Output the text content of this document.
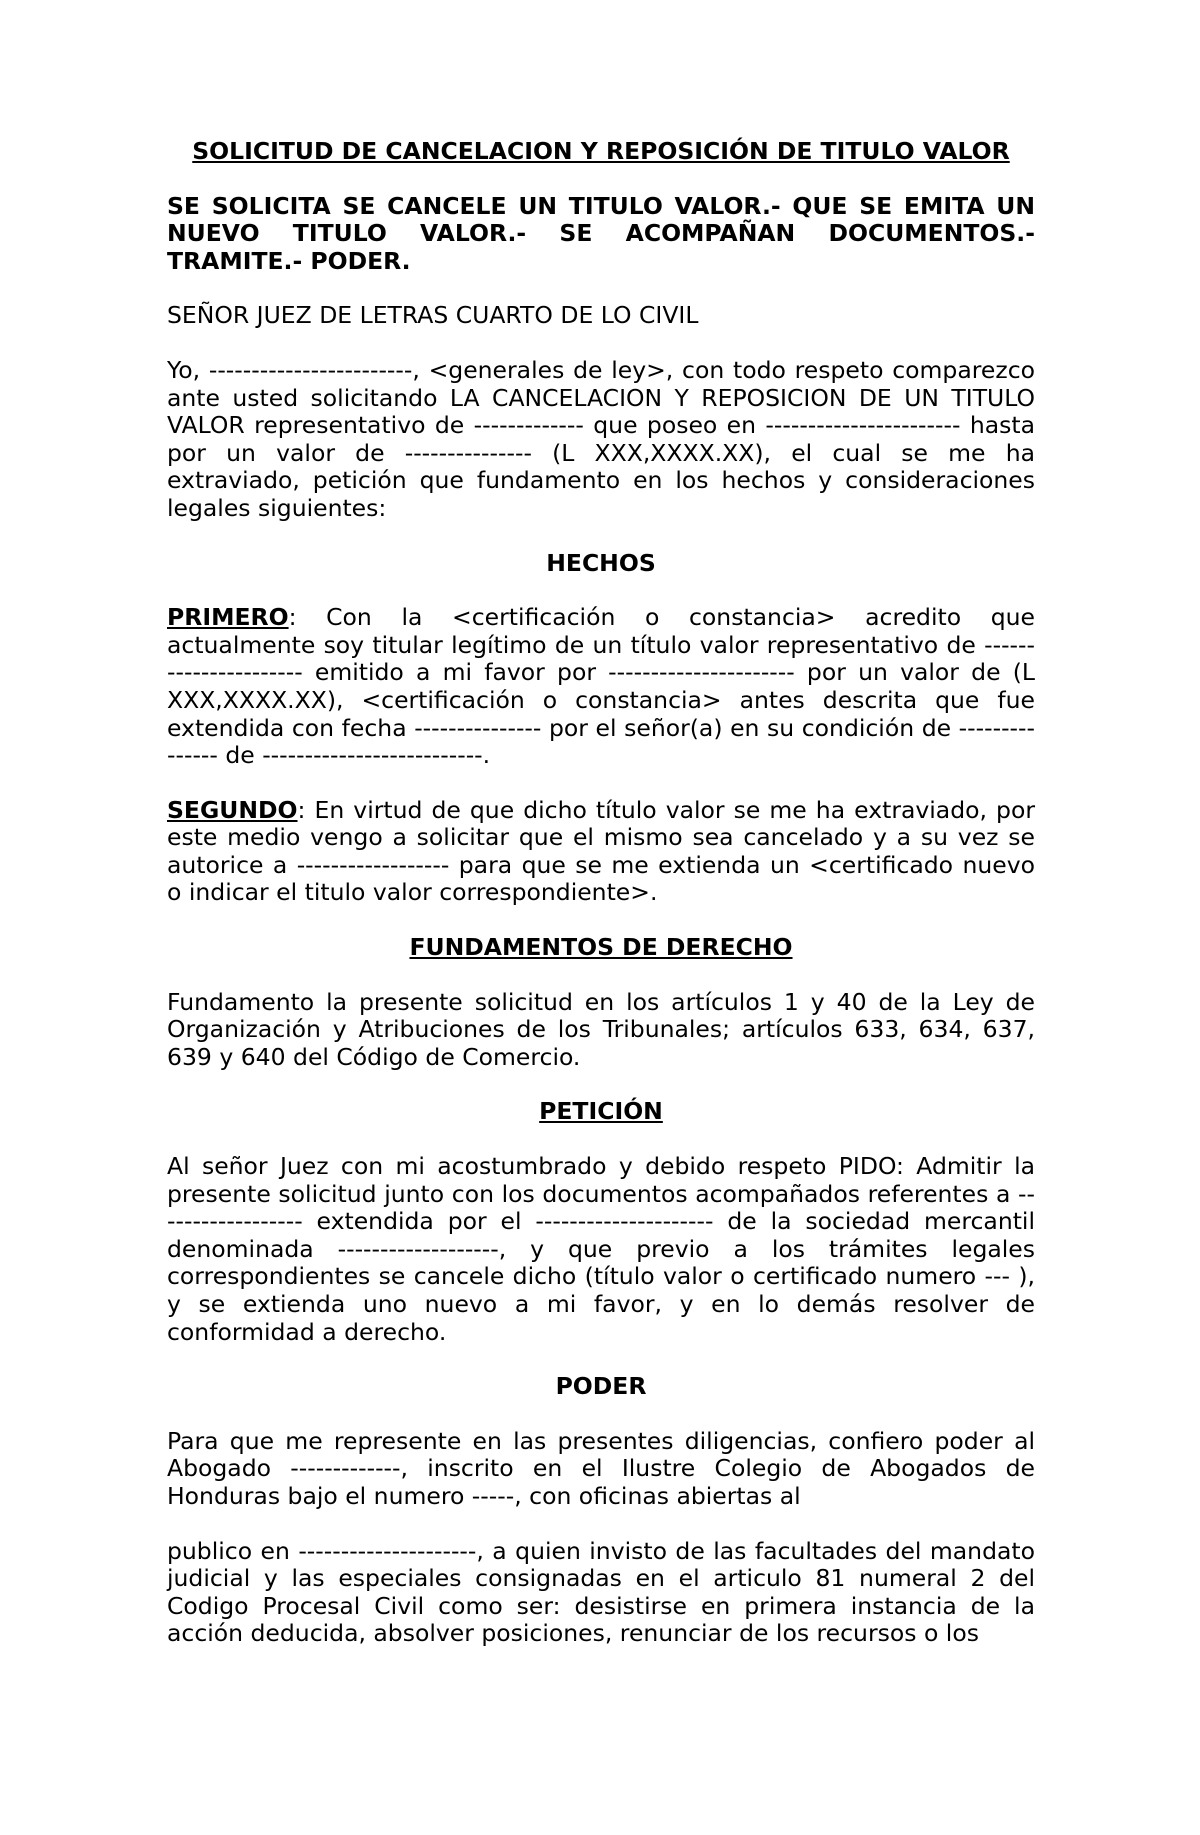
SOLICITUD DE CANCELACION Y REPOSICIÓN DE TITULO VALOR

SE SOLICITA SE CANCELE UN TITULO VALOR.- QUE SE EMITA UN NUEVO TITULO VALOR.- SE ACOMPAÑAN DOCUMENTOS.- TRAMITE.- PODER.

SEÑOR JUEZ DE LETRAS CUARTO DE LO CIVIL

Yo, ------------------------, <generales de ley>, con todo respeto comparezco ante usted solicitando LA CANCELACION Y REPOSICION DE UN TITULO VALOR representativo de ------------- que poseo en ----------------------- hasta por un valor de --------------- (L XXX,XXXX.XX), el cual se me ha extraviado, petición que fundamento en los hechos y consideraciones legales siguientes:

HECHOS

PRIMERO: Con la <certificación o constancia> acredito que actualmente soy titular legítimo de un título valor representativo de ---------------------- emitido a mi favor por ---------------------- por un valor de (L XXX,XXXX.XX), <certificación o constancia> antes descrita que fue extendida con fecha --------------- por el señor(a) en su condición de --------------- de --------------------------.

SEGUNDO: En virtud de que dicho título valor se me ha extraviado, por este medio vengo a solicitar que el mismo sea cancelado y a su vez se autorice a ------------------ para que se me extienda un <certificado nuevo o indicar el titulo valor correspondiente>.

FUNDAMENTOS DE DERECHO

Fundamento la presente solicitud en los artículos 1 y 40 de la Ley de Organización y Atribuciones de los Tribunales; artículos 633, 634, 637, 639 y 640 del Código de Comercio.

PETICIÓN

Al señor Juez con mi acostumbrado y debido respeto PIDO: Admitir la presente solicitud junto con los documentos acompañados referentes a ------------------ extendida por el --------------------- de la sociedad mercantil denominada -------------------, y que previo a los trámites legales correspondientes se cancele dicho (título valor o certificado numero --- ), y se extienda uno nuevo a mi favor, y en lo demás resolver de conformidad a derecho.

PODER

Para que me represente en las presentes diligencias, confiero poder al Abogado -------------, inscrito en el Ilustre Colegio de Abogados de Honduras bajo el numero -----, con oficinas abiertas al

publico en ---------------------, a quien invisto de las facultades del mandato judicial y las especiales consignadas en el articulo 81 numeral 2 del Codigo Procesal Civil como ser: desistirse en primera instancia de la acción deducida, absolver posiciones, renunciar de los recursos o los
